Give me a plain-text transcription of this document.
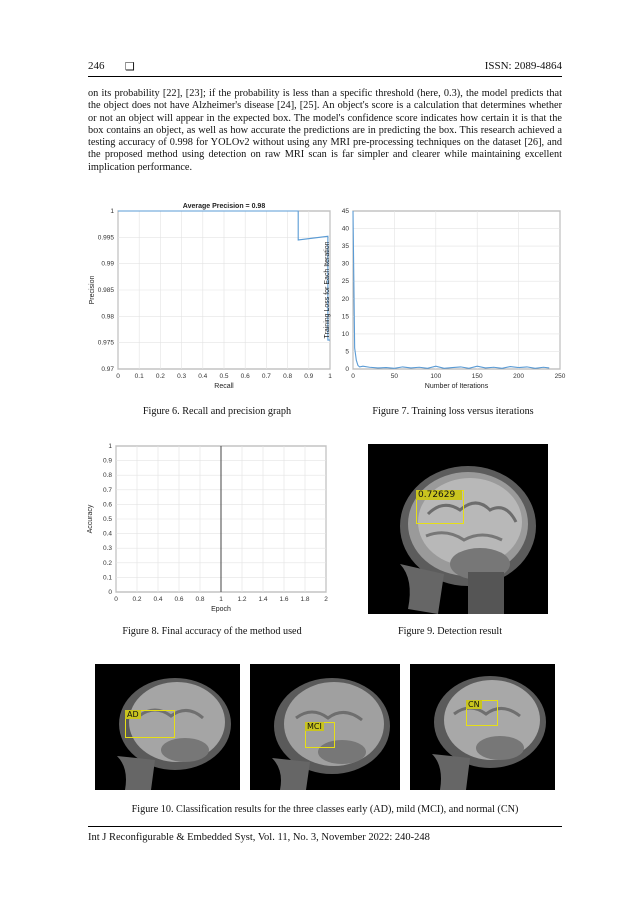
246 ❑	ISSN: 2089-4864
on its probability [22], [23]; if the probability is less than a specific threshold (here, 0.3), the model predicts that the object does not have Alzheimer's disease [24], [25]. An object's score is a calculation that determines whether or not an object will appear in the expected box. The model's confidence score indicates how certain it is that the box contains an object, as well as how accurate the predictions are in predicting the box. This research achieved a testing accuracy of 0.998 for YOLOv2 without using any MRI pre-processing techniques on the dataset [26], and the proposed method using detection on raw MRI scan is far simpler and clearer while maintaining excellent implication performance.
0 0.1 0.2 0.3 0.4 0.5 0.6 0.7 0.8 0.9 1
0.97
0.975
0.98
0.985
0.99
0.995
1
Average Precision = 0.98
Recall
Precision
0	50	100	150	200	250
0
5
10
15
20
25
30
35
40
45
Number of Iterations
Training Loss for Each Iteration
Figure 6. Recall and precision graph	Figure 7. Training loss versus iterations
0 0.2 0.4 0.6 0.8 1 1.2 1.4 1.6 1.8 2
0
0.1
0.2
0.3
0.4
0.5
0.6
0.7
0.8
0.9
1
Epoch
Accuracy
0.72629
Figure 8. Final accuracy of the method used	Figure 9. Detection result
AD
MCI
CN
Figure 10. Classification results for the three classes early (AD), mild (MCI), and normal (CN)
Int J Reconfigurable & Embedded Syst, Vol. 11, No. 3, November 2022: 240-248
